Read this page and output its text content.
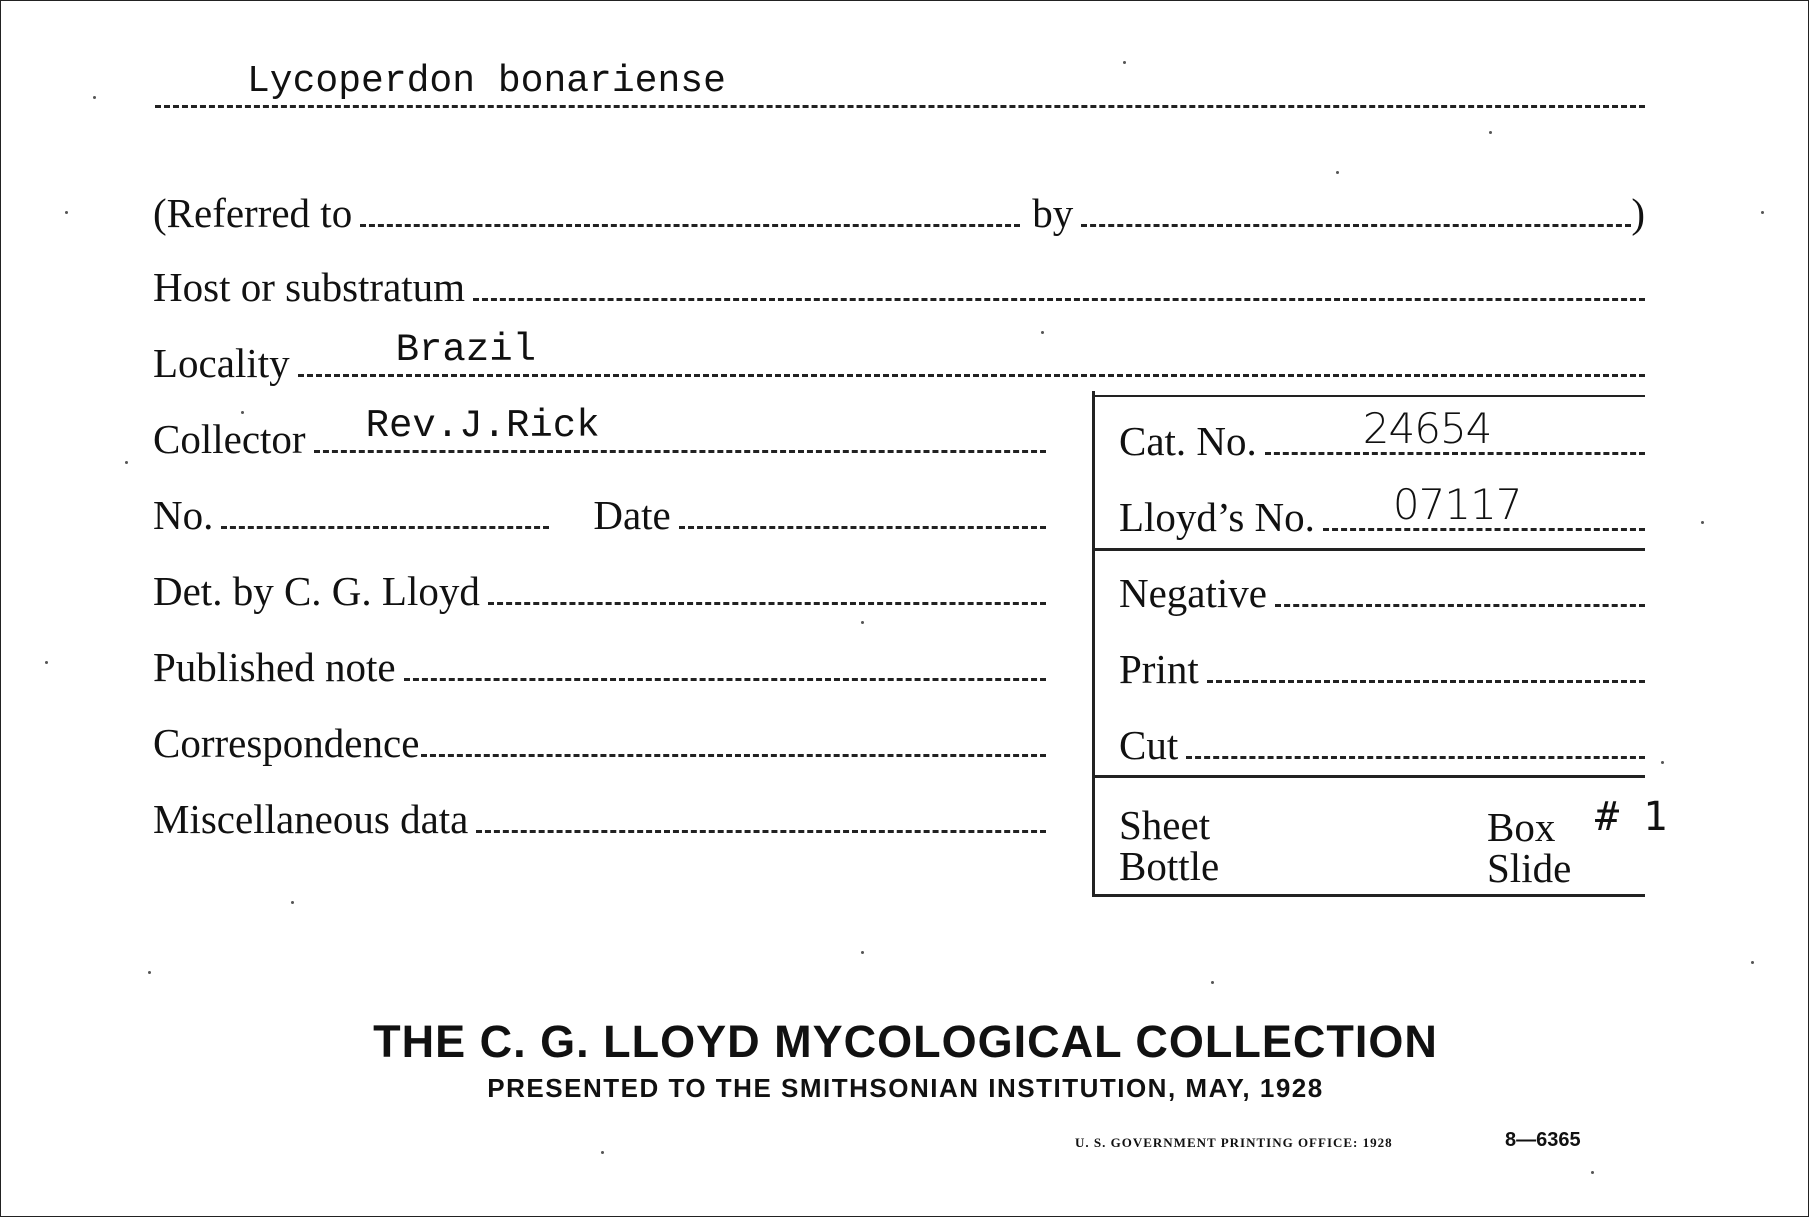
Lycoperdon bonariense
(Referred to	by	)
Host or substratum
Locality	Brazil
Collector Rev.J.Rick
No.	Date
Det. by C. G. Lloyd
Published note
Correspondence
Miscellaneous data
Cat. No.	24654
Lloyd’s No. 07117
Negative
Print
Cut
Sheet
Bottle
Box
Slide
# 1
THE C. G. LLOYD MYCOLOGICAL COLLECTION
PRESENTED TO THE SMITHSONIAN INSTITUTION, MAY, 1928
U. S. GOVERNMENT PRINTING OFFICE: 1928	8—6365
